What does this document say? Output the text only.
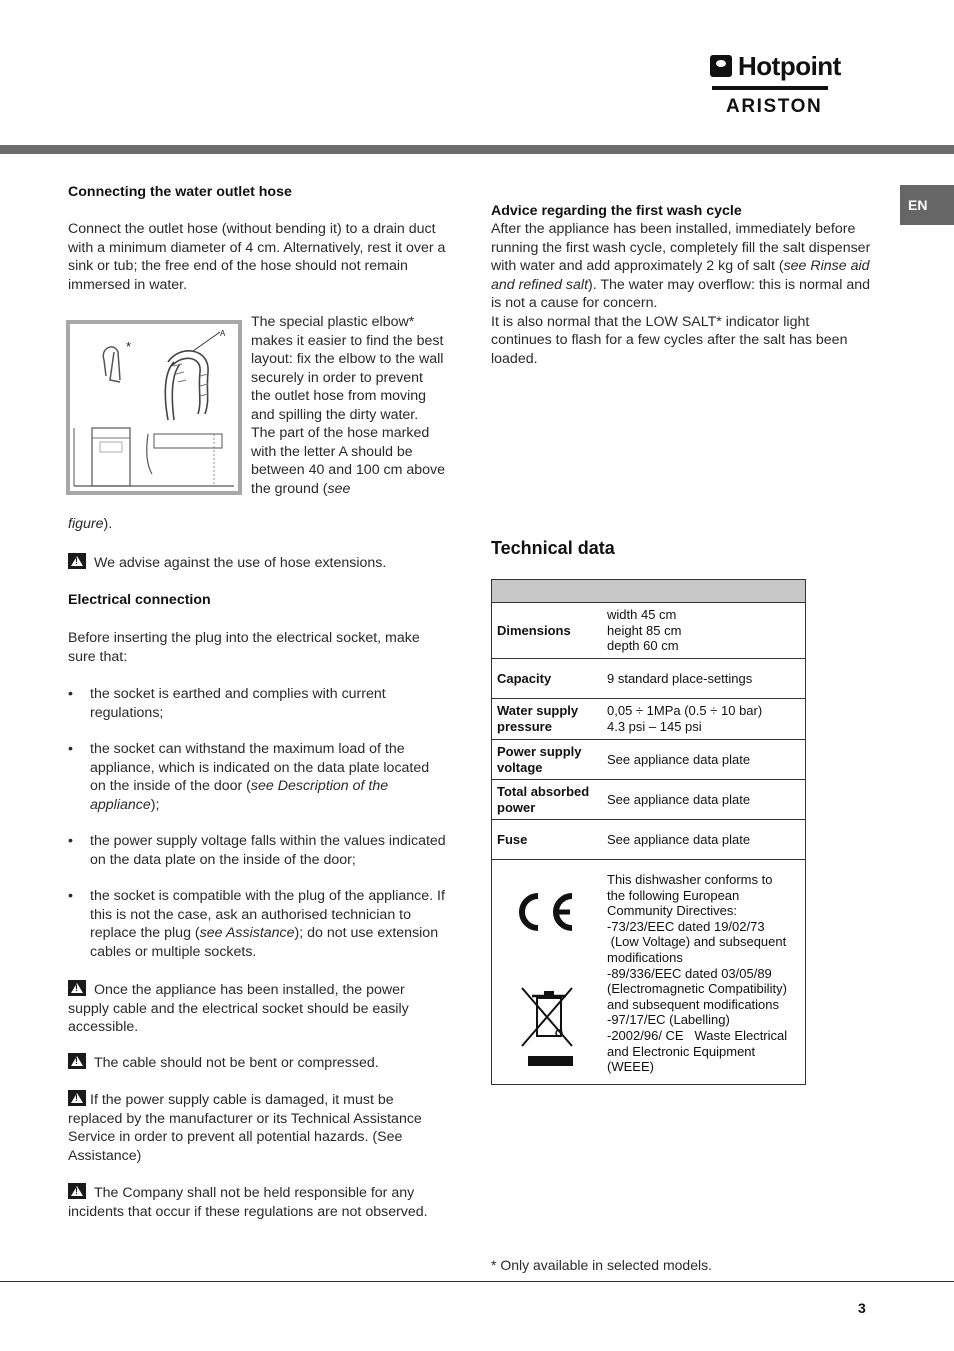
Hotpoint
ARISTON
EN

Connecting the water outlet hose

Connect the outlet hose (without bending it) to a drain duct with a minimum diameter of 4 cm. Alternatively, rest it over a sink or tub; the free end of the hose should not remain immersed in water.

*
A

The special plastic elbow* makes it easier to find the best layout: fix the elbow to the wall securely in order to prevent the outlet hose from moving and spilling the dirty water.
The part of the hose marked with the letter A should be between 40 and 100 cm above the ground (see

figure).

!We advise against the use of hose extensions.

Electrical connection

Before inserting the plug into the electrical socket, make sure that:

• the socket is earthed and complies with current regulations;
• the socket can withstand the maximum load of the appliance, which is indicated on the data plate located on the inside of the door (see Description of the appliance);
• the power supply voltage falls within the values indicated on the data plate on the inside of the door;
• the socket is compatible with the plug of the appliance. If this is not the case, ask an authorised technician to replace the plug (see Assistance); do not use extension cables or multiple sockets.

!Once the appliance has been installed, the power supply cable and the electrical socket should be easily accessible.

!The cable should not be bent or compressed.

!If the power supply cable is damaged, it must be replaced by the manufacturer or its Technical Assistance Service in order to prevent all potential hazards. (See Assistance)

!The Company shall not be held responsible for any incidents that occur if these regulations are not observed.

Advice regarding the first wash cycle

After the appliance has been installed, immediately before running the first wash cycle, completely fill the salt dispenser with water and add approximately 2 kg of salt (see Rinse aid and refined salt). The water may overflow: this is normal and is not a cause for concern.
It is also normal that the LOW SALT* indicator light continues to flash for a few cycles after the salt has been loaded.

Technical data
Dimensions
width 45 cm
height 85 cm
depth 60 cm
Capacity	9 standard place-settings
Water supply pressure
0,05 ÷ 1MPa (0.5 ÷ 10 bar)
4.3 psi – 145 psi
Power supply voltage
See appliance data plate
Total absorbed power
See appliance data plate
Fuse	See appliance data plate
CE
This dishwasher conforms to
the following European
Community Directives:
-73/23/EEC dated 19/02/73
(Low Voltage) and subsequent
modifications
-89/336/EEC dated 03/05/89
(Electromagnetic Compatibility)
and subsequent modifications
-97/17/EC (Labelling)
-2002/96/ CE   Waste Electrical
and Electronic Equipment
(WEEE)

* Only available in selected models.

3
